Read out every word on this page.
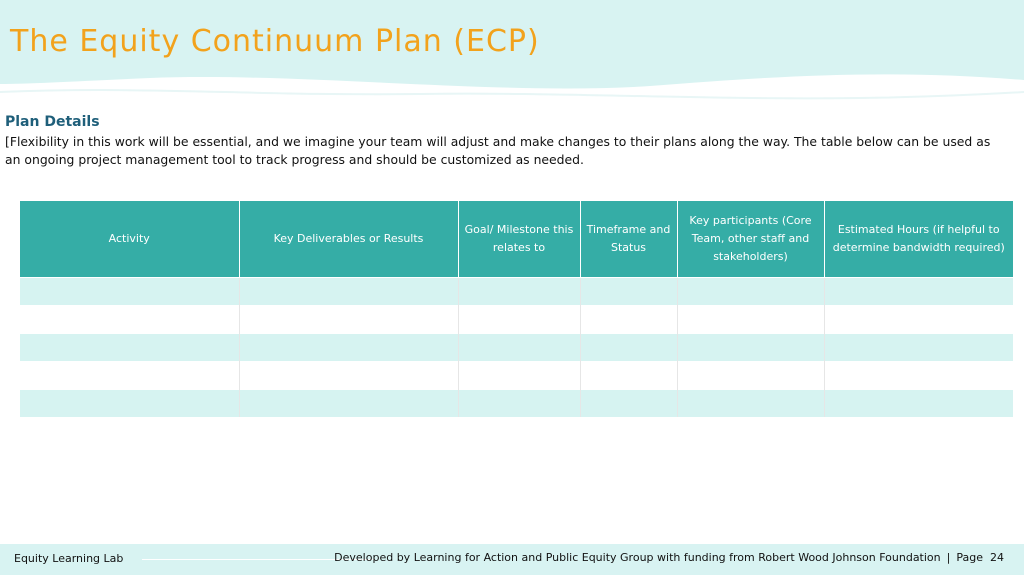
The Equity Continuum Plan (ECP)
Plan Details
[Flexibility in this work will be essential, and we imagine your team will adjust and make changes to their plans along the way. The table below can be used as an ongoing project management tool to track progress and should be customized as needed.
Activity	Key Deliverables or Results	Goal/ Milestone this relates to	Timeframe and Status	Key participants (Core Team, other staff and stakeholders)	Estimated Hours (if helpful to determine bandwidth required)

Equity Learning Lab	Developed by Learning for Action and Public Equity Group with funding from Robert Wood Johnson Foundation | Page 24
